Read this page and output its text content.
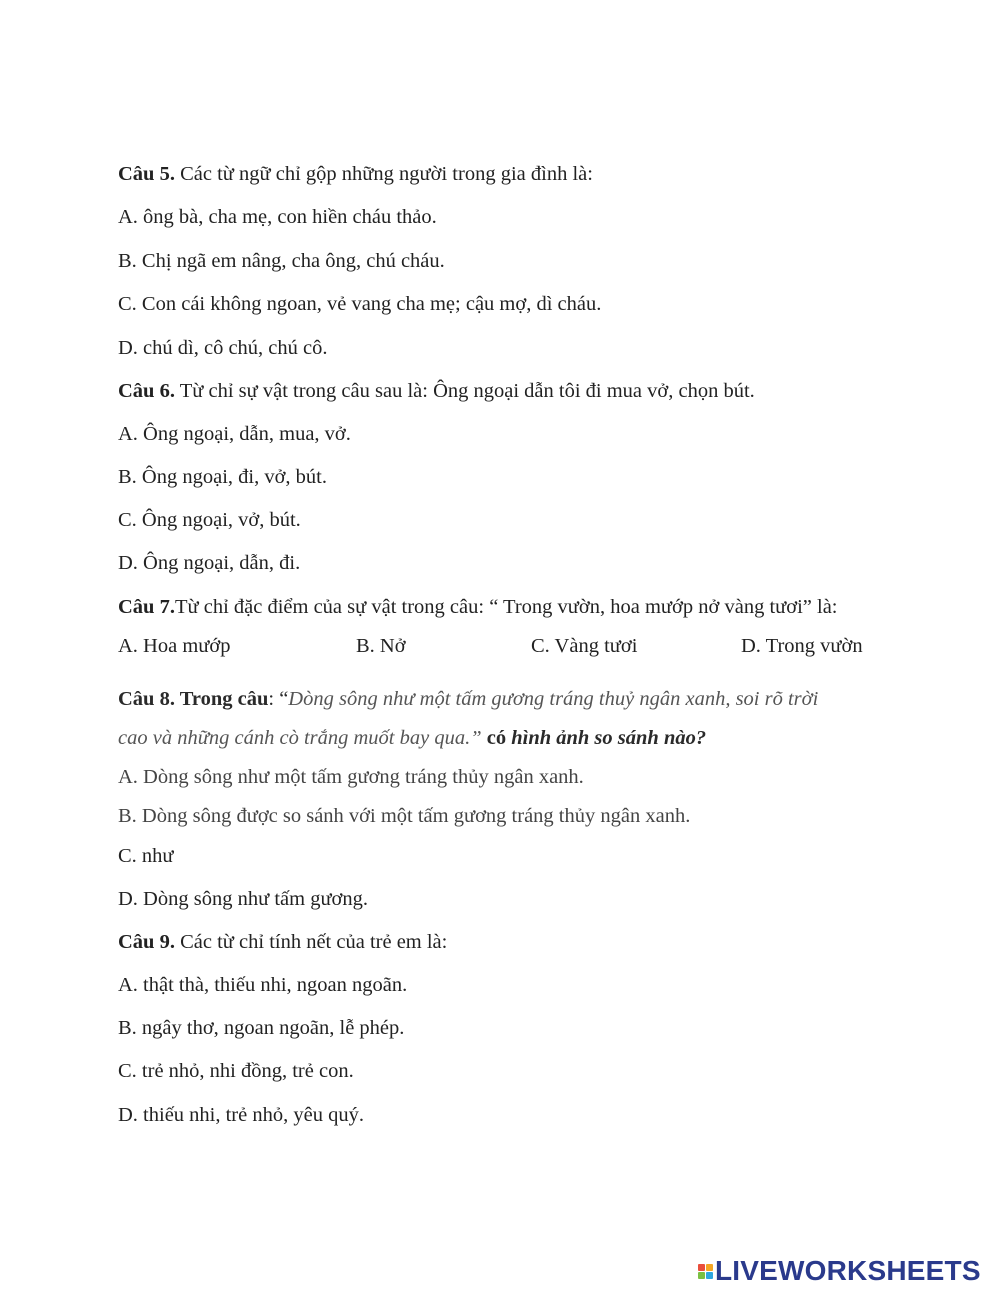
Câu 5. Các từ ngữ chỉ gộp những người trong gia đình là:
A. ông bà, cha mẹ, con hiền cháu thảo.
B. Chị ngã em nâng, cha ông, chú cháu.
C. Con cái không ngoan, vẻ vang cha mẹ; cậu mợ, dì cháu.
D. chú dì, cô chú, chú cô.
Câu 6. Từ chỉ sự vật trong câu sau là: Ông ngoại dẫn tôi đi mua vở, chọn bút.
A. Ông ngoại, dẫn, mua, vở.
B. Ông ngoại, đi, vở, bút.
C. Ông ngoại, vở, bút.
D. Ông ngoại, dẫn, đi.
Câu 7.Từ chỉ đặc điểm của sự vật trong câu: “ Trong vườn, hoa mướp nở vàng tươi” là:
A. Hoa mướp	B. Nở	C. Vàng tươi	D. Trong vườn
Câu 8. Trong câu: “Dòng sông như một tấm gương tráng thuỷ ngân xanh, soi rõ trời
cao và những cánh cò trắng muốt bay qua.” có hình ảnh so sánh nào?
A. Dòng sông như một tấm gương tráng thủy ngân xanh.
B. Dòng sông được so sánh với một tấm gương tráng thủy ngân xanh.
C. như
D. Dòng sông như tấm gương.
Câu 9. Các từ chỉ tính nết của trẻ em là:
A. thật thà, thiếu nhi, ngoan ngoãn.
B. ngây thơ, ngoan ngoãn, lễ phép.
C. trẻ nhỏ, nhi đồng, trẻ con.
D. thiếu nhi, trẻ nhỏ, yêu quý.
LIVEWORKSHEETS
